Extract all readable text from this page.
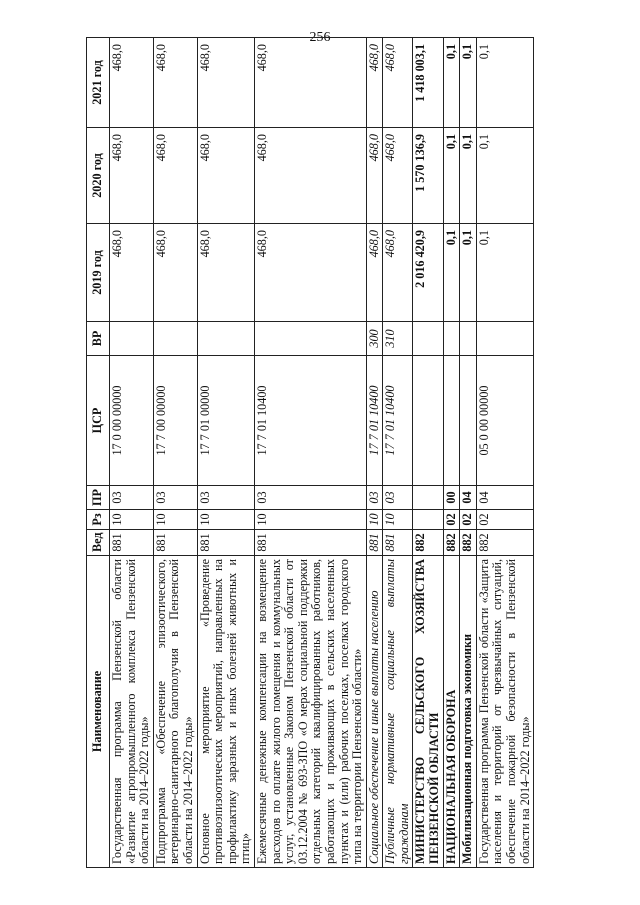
256
Наименование	Вед	Рз	ПР	ЦСР	ВР	2019 год	2020 год	2021 год
Государственная программа Пензенской области «Развитие агропромышленного комплекса Пензенской области на 2014–2022 годы»	881	10	03	17 0 00 00000		468,0	468,0	468,0
Подпрограмма «Обеспечение эпизоотического, ветеринарно-санитарного благополучия в Пензенской области на 2014–2022 годы»	881	10	03	17 7 00 00000		468,0	468,0	468,0
Основное мероприятие «Проведение противоэпизоотических мероприятий, направленных на профилактику заразных и иных болезней животных и птиц»	881	10	03	17 7 01 00000		468,0	468,0	468,0
Ежемесячные денежные компенсации на возмещение расходов по оплате жилого помещения и коммунальных услуг, установленные Законом Пензенской области от 03.12.2004 № 693-ЗПО «О мерах социальной поддержки отдельных категорий квалифицированных работников, работающих и проживающих в сельских населенных пунктах и (или) рабочих поселках, поселках городского типа на территории Пензенской области»	881	10	03	17 7 01 10400		468,0	468,0	468,0
Социальное обеспечение и иные выплаты населению	881	10	03	17 7 01 10400	300	468,0	468,0	468,0
Публичные нормативные социальные выплаты гражданам	881	10	03	17 7 01 10400	310	468,0	468,0	468,0
МИНИСТЕРСТВО СЕЛЬСКОГО ХОЗЯЙСТВА ПЕНЗЕНСКОЙ ОБЛАСТИ	882					2 016 420,9	1 570 136,9	1 418 003,1
НАЦИОНАЛЬНАЯ ОБОРОНА	882	02	00			0,1	0,1	0,1
Мобилизационная подготовка экономики	882	02	04			0,1	0,1	0,1
Государственная программа Пензенской области «Защита населения и территорий от чрезвычайных ситуаций, обеспечение пожарной безопасности в Пензенской области на 2014–2022 годы»	882	02	04	05 0 00 00000		0,1	0,1	0,1
